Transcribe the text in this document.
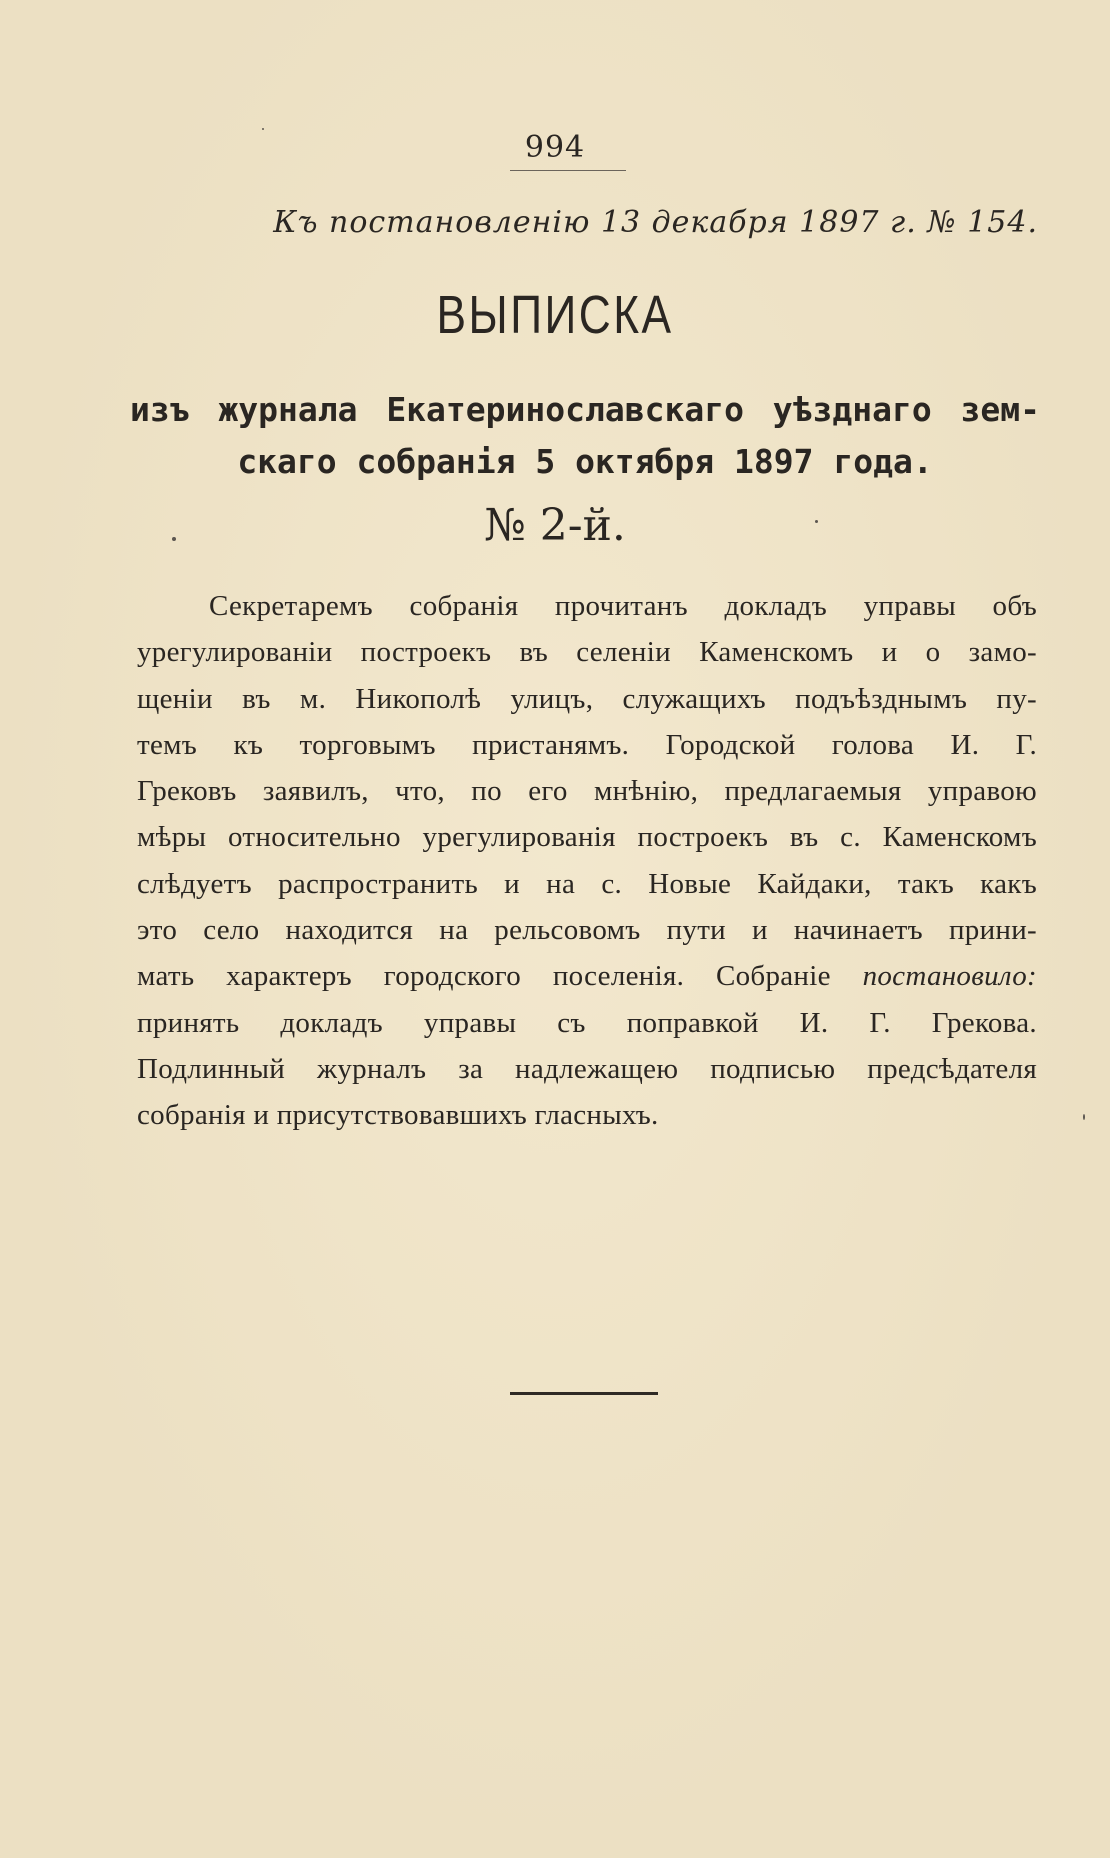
994
Къ постановленію 13 декабря 1897 г. № 154.
ВЫПИСКА
изъ журнала Екатеринославскаго уѣзднаго зем-
скаго собранія 5 октября 1897 года.
№ 2-й.
Секретаремъ собранія прочитанъ докладъ управы объ
урегулированіи построекъ въ селеніи Каменскомъ и о замо-
щеніи въ м. Никополѣ улицъ, служащихъ подъѣзднымъ пу-
темъ къ торговымъ пристанямъ. Городской голова И. Г.
Грековъ заявилъ, что, по его мнѣнію, предлагаемыя управою
мѣры относительно урегулированія построекъ въ с. Каменскомъ
слѣдуетъ распространить и на с. Новые Кайдаки, такъ какъ
это село находится на рельсовомъ пути и начинаетъ прини-
мать характеръ городского поселенія. Собраніе постановило:
принять докладъ управы съ поправкой И. Г. Грекова.
Подлинный журналъ за надлежащею подписью предсѣдателя
собранія и присутствовавшихъ гласныхъ.
